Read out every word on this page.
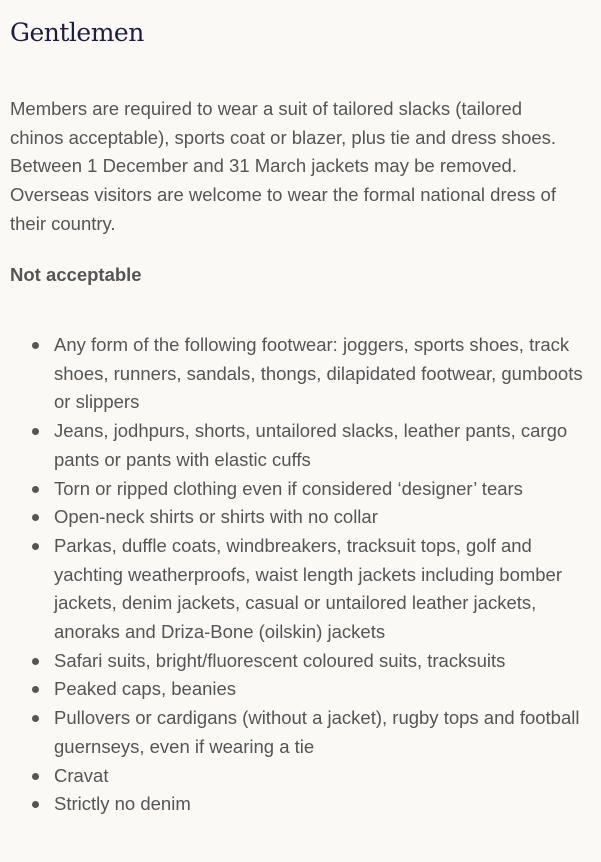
Gentlemen

Members are required to wear a suit of tailored slacks (tailored chinos acceptable), sports coat or blazer, plus tie and dress shoes. Between 1 December and 31 March jackets may be removed. Overseas visitors are welcome to wear the formal national dress of their country.

Not acceptable
Any form of the following footwear: joggers, sports shoes, track shoes, runners, sandals, thongs, dilapidated footwear, gumboots or slippers
Jeans, jodhpurs, shorts, untailored slacks, leather pants, cargo pants or pants with elastic cuffs
Torn or ripped clothing even if considered ‘designer’ tears
Open-neck shirts or shirts with no collar
Parkas, duffle coats, windbreakers, tracksuit tops, golf and yachting weatherproofs, waist length jackets including bomber jackets, denim jackets, casual or untailored leather jackets, anoraks and Driza-Bone (oilskin) jackets
Safari suits, bright/fluorescent coloured suits, tracksuits
Peaked caps, beanies
Pullovers or cardigans (without a jacket), rugby tops and football guernseys, even if wearing a tie
Cravat
Strictly no denim
